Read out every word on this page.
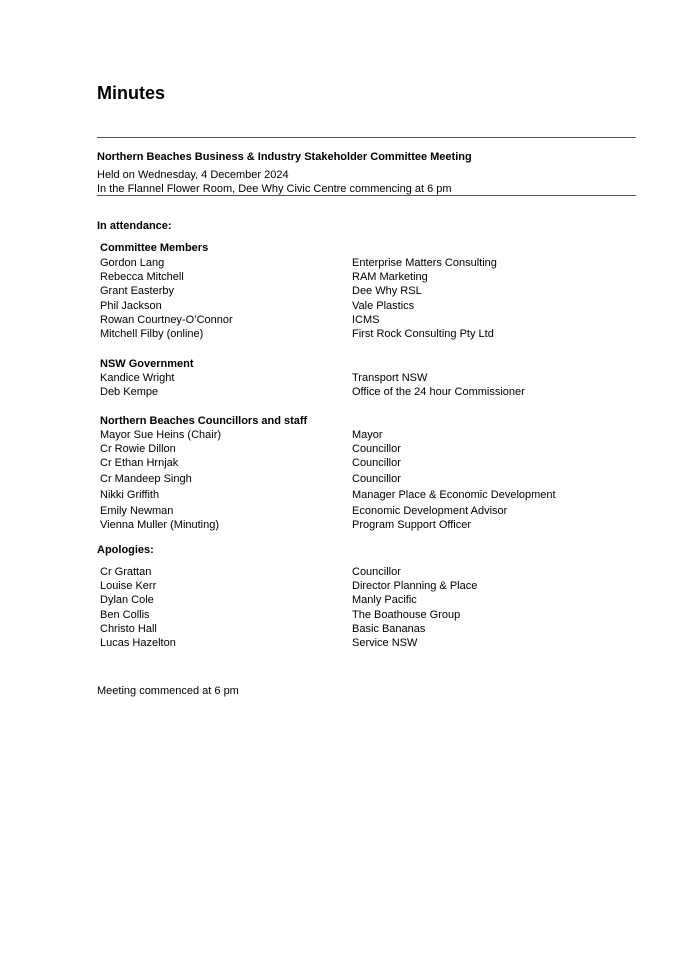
Minutes
Northern Beaches Business & Industry Stakeholder Committee Meeting
Held on Wednesday, 4 December 2024
In the Flannel Flower Room, Dee Why Civic Centre commencing at 6 pm
In attendance:
Committee Members
Gordon Lang	Enterprise Matters Consulting
Rebecca Mitchell	RAM Marketing
Grant Easterby	Dee Why RSL
Phil Jackson	Vale Plastics
Rowan Courtney-O’Connor	ICMS
Mitchell Filby (online)	First Rock Consulting Pty Ltd
NSW Government
Kandice Wright	Transport NSW
Deb Kempe	Office of the 24 hour Commissioner
Northern Beaches Councillors and staff
Mayor Sue Heins (Chair)	Mayor
Cr Rowie Dillon	Councillor
Cr Ethan Hrnjak	Councillor
Cr Mandeep Singh	Councillor
Nikki Griffith	Manager Place & Economic Development
Emily Newman	Economic Development Advisor
Vienna Muller (Minuting)	Program Support Officer
Apologies:
Cr Grattan	Councillor
Louise Kerr	Director Planning & Place
Dylan Cole	Manly Pacific
Ben Collis	The Boathouse Group
Christo Hall	Basic Bananas
Lucas Hazelton	Service NSW
Meeting commenced at 6 pm
